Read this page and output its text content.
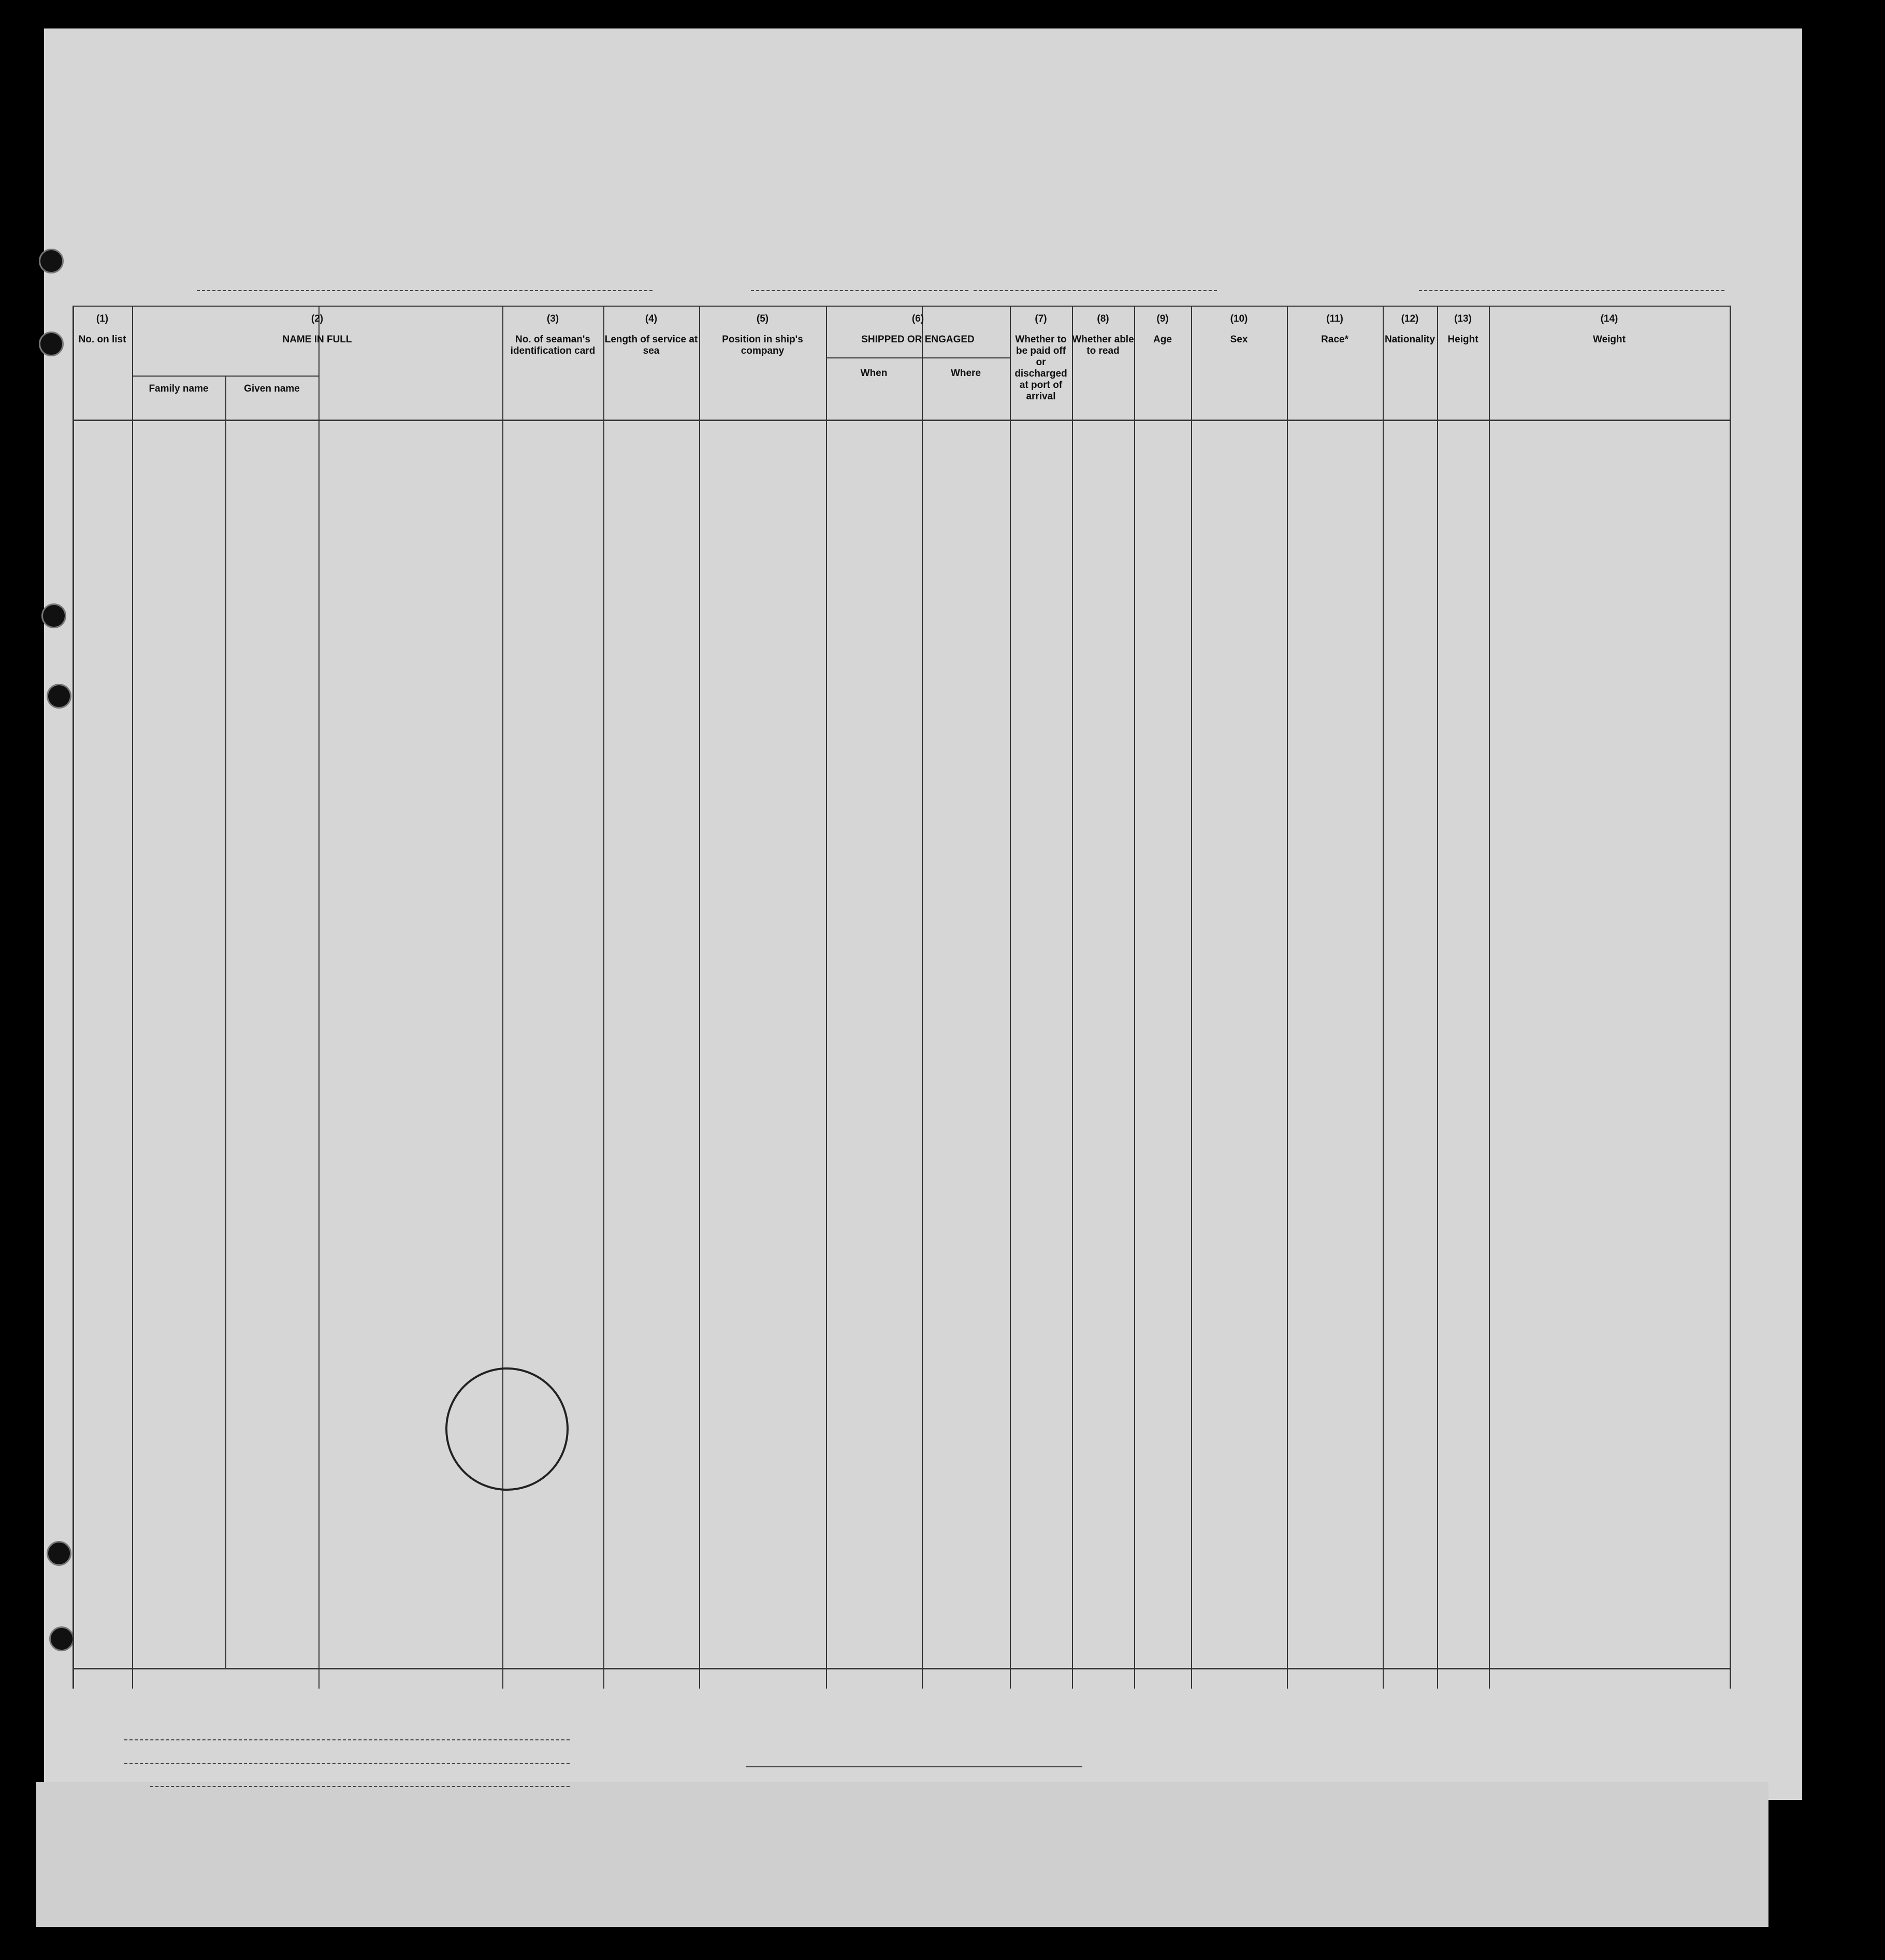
(1)
No. on list
(2)
NAME IN FULL
Family name	Given name
(3)
No. of seaman's identification card
(4)
Length of service at sea
(5)
Position in ship's company
(6)
SHIPPED OR ENGAGED
When	Where
(7)
Whether to be paid off or discharged at port of arrival
(8)
Whether able to read
(9)
Age
(10)
Sex
(11)
Race*
(12)
Nationality
(13)
Height
(14)
Weight
